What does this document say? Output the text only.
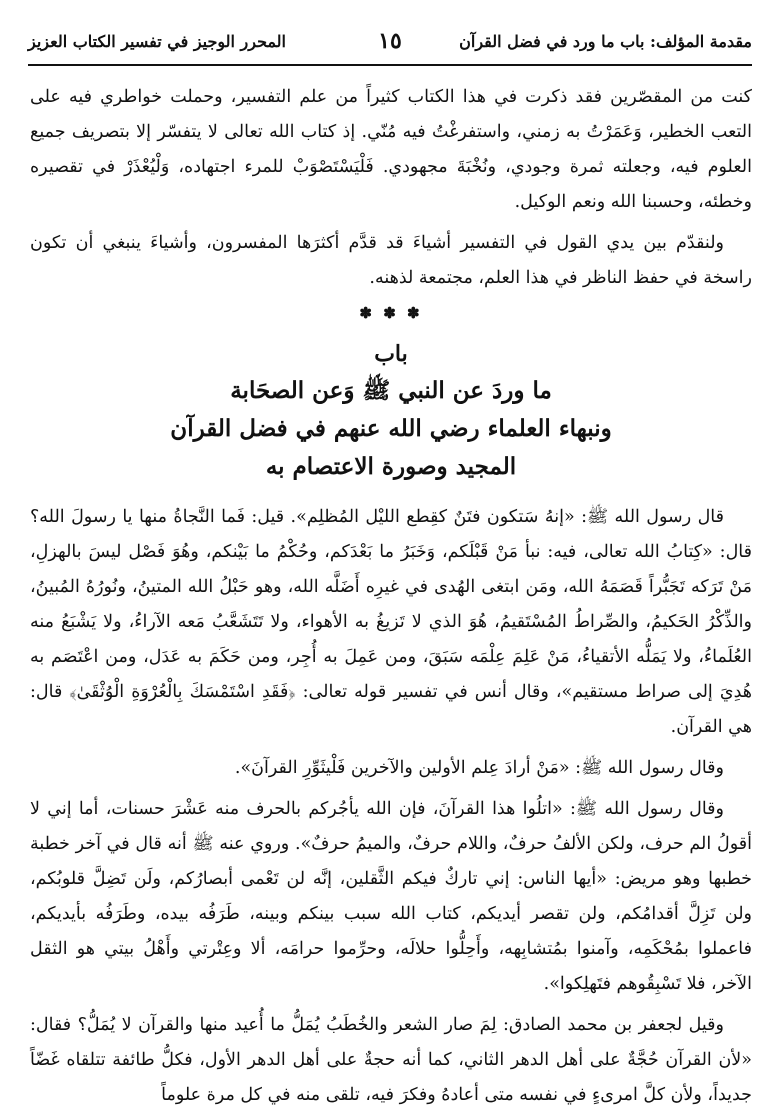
المحرر الوجيز في تفسير الكتاب العزيز	١٥	مقدمة المؤلف: باب ما ورد في فضل القرآن

كنت من المقصّرين فقد ذكرت في هذا الكتاب كثيراً من علم التفسير، وحملت خواطري فيه على التعب الخطير، وَعَمَرْتُ به زمني، واستفرغْتُ فيه مُنّي. إذ كتاب الله تعالى لا يتفسّر إلا بتصريف جميع العلوم فيه، وجعلته ثمرة وجودي، ونُخْبَةَ مجهودي. فَلْيَسْتَصْوَبْ للمرء اجتهاده، وَلْيُعْذَرْ في تقصيره وخطئه، وحسبنا الله ونعم الوكيل.

ولنقدّم بين يدي القول في التفسير أشياءَ قد قدَّم أكثرَها المفسرون، وأشياءَ ينبغي أن تكون راسخة في حفظ الناظر في هذا العلم، مجتمعة لذهنه.

✽ ✽ ✽
باب
ما وردَ عن النبي ﷺ وَعن الصحَابة
ونبهاء العلماء رضي الله عنهم في فضل القرآن
المجيد وصورة الاعتصام به

قال رسول الله ﷺ: «إنهُ سَتكون فتَنٌ كقِطع الليْل المُظلِم». قيل: فَما النَّجاةُ منها يا رسولَ الله؟ قال: «كِتابُ الله تعالى، فيه: نبأ مَنْ قَبْلَكم، وَخَبَرُ ما بَعْدَكم، وحُكْمُ ما بَيْنكم، وهُوَ فَصْل ليسَ بالهزلِ، مَنْ تَرَكه تَجَبُّراً قَصَمَهُ الله، ومَن ابتغى الهُدى في غيرِه أَضَلَّه الله، وهو حَبْلُ الله المتينُ، ونُورُهُ المُبينُ، والذِّكْرُ الحَكيمُ، والصِّراطُ المُسْتَقيمُ، هُوَ الذي لا تَزيغُ به الأهواء، ولا تَتَشَعَّبُ مَعه الآراءُ، ولا يَشْبَعُ منه العُلَماءُ، ولا يَمَلُّه الأتقياءُ، مَنْ عَلِمَ عِلْمَه سَبَقَ، ومن عَمِلَ به أُجِر، ومن حَكَمَ به عَدَل، ومن اعْتَصَم به هُدِيَ إلى صراط مستقيم»، وقال أنس في تفسير قوله تعالى: ﴿فَقَدِ اسْتَمْسَكَ بِالْعُرْوَةِ الْوُثْقَىٰ﴾ قال: هي القرآن.

وقال رسول الله ﷺ: «مَنْ أرادَ عِلم الأولين والآخرين فَلْيثَوِّرِ القرآنَ».

وقال رسول الله ﷺ: «اتلُوا هذا القرآنَ، فإن الله يأجُركم بالحرف منه عَشْرَ حسنات، أما إني لا أقولُ الم حرف، ولكن الألفُ حرفٌ، واللام حرفٌ، والميمُ حرفٌ». وروي عنه ﷺ أنه قال في آخر خطبة خطبها وهو مريض: «أيها الناس: إني تاركٌ فيكم الثَّقلين، إنَّه لن تَعْمى أبصارُكم، ولَن تَضِلَّ قلوبُكم، ولن تَزِلَّ أقدامُكم، ولن تقصر أيديكم، كتاب الله سبب بينكم وبينه، طَرَفُه بيده، وطَرَفُه بأيديكم، فاعملوا بمُحْكَمِه، وآمنوا بمُتشابِهه، وأَحِلُّوا حلالَه، وحرِّموا حرامَه، ألا وعِتْرتي وأَهْلُ بيتي هو الثقل الآخر، فلا تَسْبِقُوهم فتَهلِكوا».

وقيل لجعفر بن محمد الصادق: لِمَ صار الشعر والخُطَبُ يُمَلُّ ما أُعيد منها والقرآن لا يُمَلُّ؟ فقال: «لأن القرآن حُجَّةٌ على أهل الدهر الثاني، كما أنه حجةٌ على أهل الدهر الأول، فكلُّ طائفة تتلقاه غَضّاً جديداً، ولأن كلَّ امرىءٍ في نفسه متى أعادهُ وفكرَ فيه، تلقى منه في كل مرة علوماً
